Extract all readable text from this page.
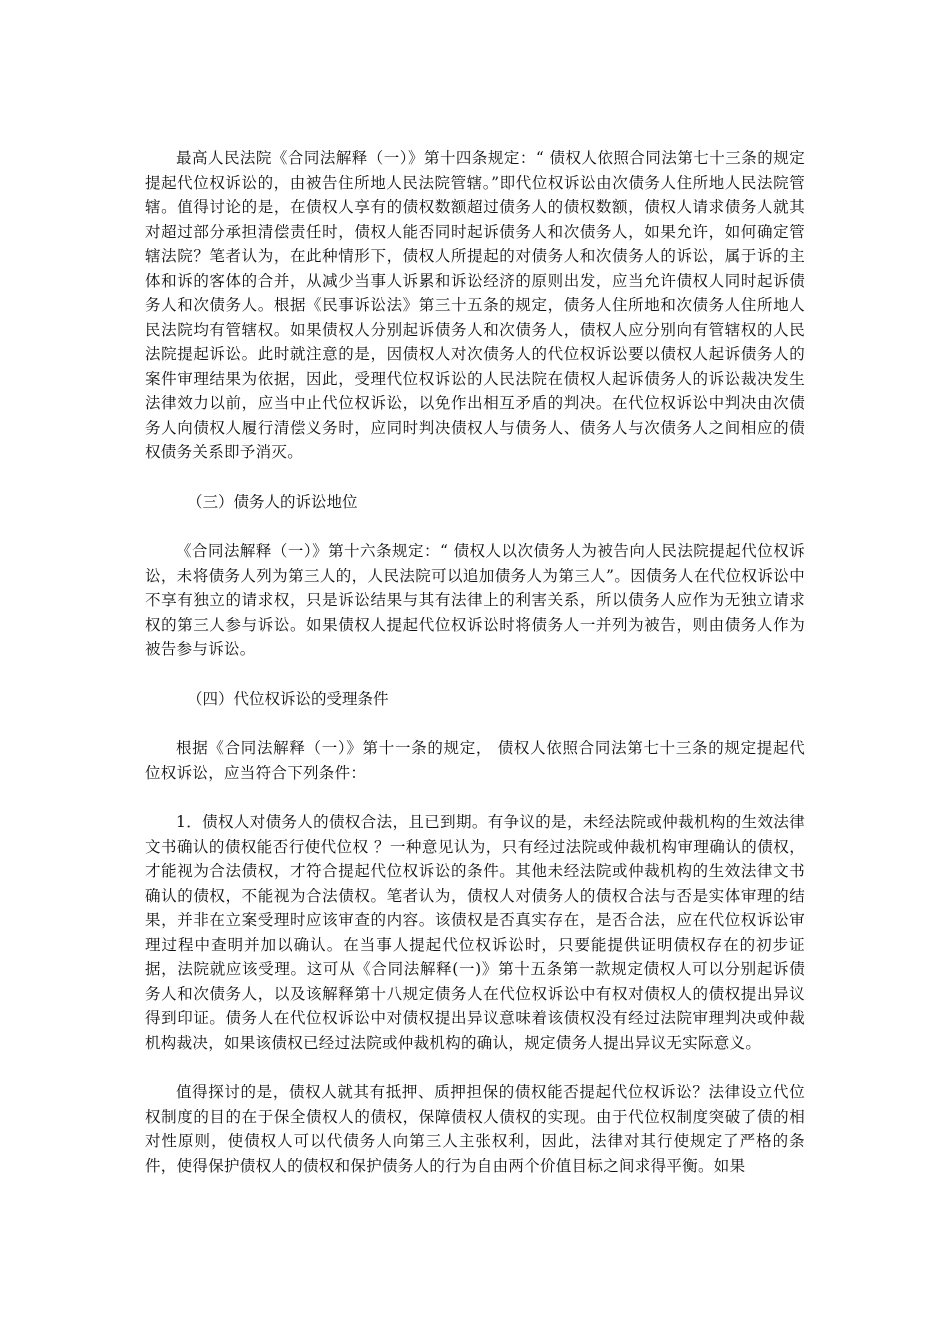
最高人民法院《合同法解释（一）》第十四条规定：“ 债权人依照合同法第七十三条的规定提起代位权诉讼的，由被告住所地人民法院管辖。”即代位权诉讼由次债务人住所地人民法院管辖。值得讨论的是，在债权人享有的债权数额超过债务人的债权数额，债权人请求债务人就其对超过部分承担清偿责任时，债权人能否同时起诉债务人和次债务人，如果允许，如何确定管辖法院？笔者认为，在此种情形下，债权人所提起的对债务人和次债务人的诉讼，属于诉的主体和诉的客体的合并，从减少当事人诉累和诉讼经济的原则出发，应当允许债权人同时起诉债务人和次债务人。根据《民事诉讼法》第三十五条的规定，债务人住所地和次债务人住所地人民法院均有管辖权。如果债权人分别起诉债务人和次债务人，债权人应分别向有管辖权的人民法院提起诉讼。此时就注意的是，因债权人对次债务人的代位权诉讼要以债权人起诉债务人的案件审理结果为依据，因此，受理代位权诉讼的人民法院在债权人起诉债务人的诉讼裁决发生法律效力以前，应当中止代位权诉讼，以免作出相互矛盾的判决。在代位权诉讼中判决由次债务人向债权人履行清偿义务时，应同时判决债权人与债务人、债务人与次债务人之间相应的债权债务关系即予消灭。

（三）债务人的诉讼地位

《合同法解释（一）》第十六条规定：“ 债权人以次债务人为被告向人民法院提起代位权诉讼，未将债务人列为第三人的，人民法院可以追加债务人为第三人”。因债务人在代位权诉讼中不享有独立的请求权，只是诉讼结果与其有法律上的利害关系，所以债务人应作为无独立请求权的第三人参与诉讼。如果债权人提起代位权诉讼时将债务人一并列为被告，则由债务人作为被告参与诉讼。

（四）代位权诉讼的受理条件

根据《合同法解释（一）》第十一条的规定， 债权人依照合同法第七十三条的规定提起代位权诉讼，应当符合下列条件：

1．债权人对债务人的债权合法，且已到期。有争议的是，未经法院或仲裁机构的生效法律文书确认的债权能否行使代位权 ？一种意见认为，只有经过法院或仲裁机构审理确认的债权，才能视为合法债权，才符合提起代位权诉讼的条件。其他未经法院或仲裁机构的生效法律文书确认的债权，不能视为合法债权。笔者认为，债权人对债务人的债权合法与否是实体审理的结果，并非在立案受理时应该审查的内容。该债权是否真实存在，是否合法，应在代位权诉讼审理过程中查明并加以确认。在当事人提起代位权诉讼时，只要能提供证明债权存在的初步证据，法院就应该受理。这可从《合同法解释(一)》第十五条第一款规定债权人可以分别起诉债务人和次债务人，以及该解释第十八规定债务人在代位权诉讼中有权对债权人的债权提出异议得到印证。债务人在代位权诉讼中对债权提出异议意味着该债权没有经过法院审理判决或仲裁机构裁决，如果该债权已经过法院或仲裁机构的确认，规定债务人提出异议无实际意义。

值得探讨的是，债权人就其有抵押、质押担保的债权能否提起代位权诉讼？法律设立代位权制度的目的在于保全债权人的债权，保障债权人债权的实现。由于代位权制度突破了债的相对性原则，使债权人可以代债务人向第三人主张权利，因此，法律对其行使规定了严格的条件，使得保护债权人的债权和保护债务人的行为自由两个价值目标之间求得平衡。如果
